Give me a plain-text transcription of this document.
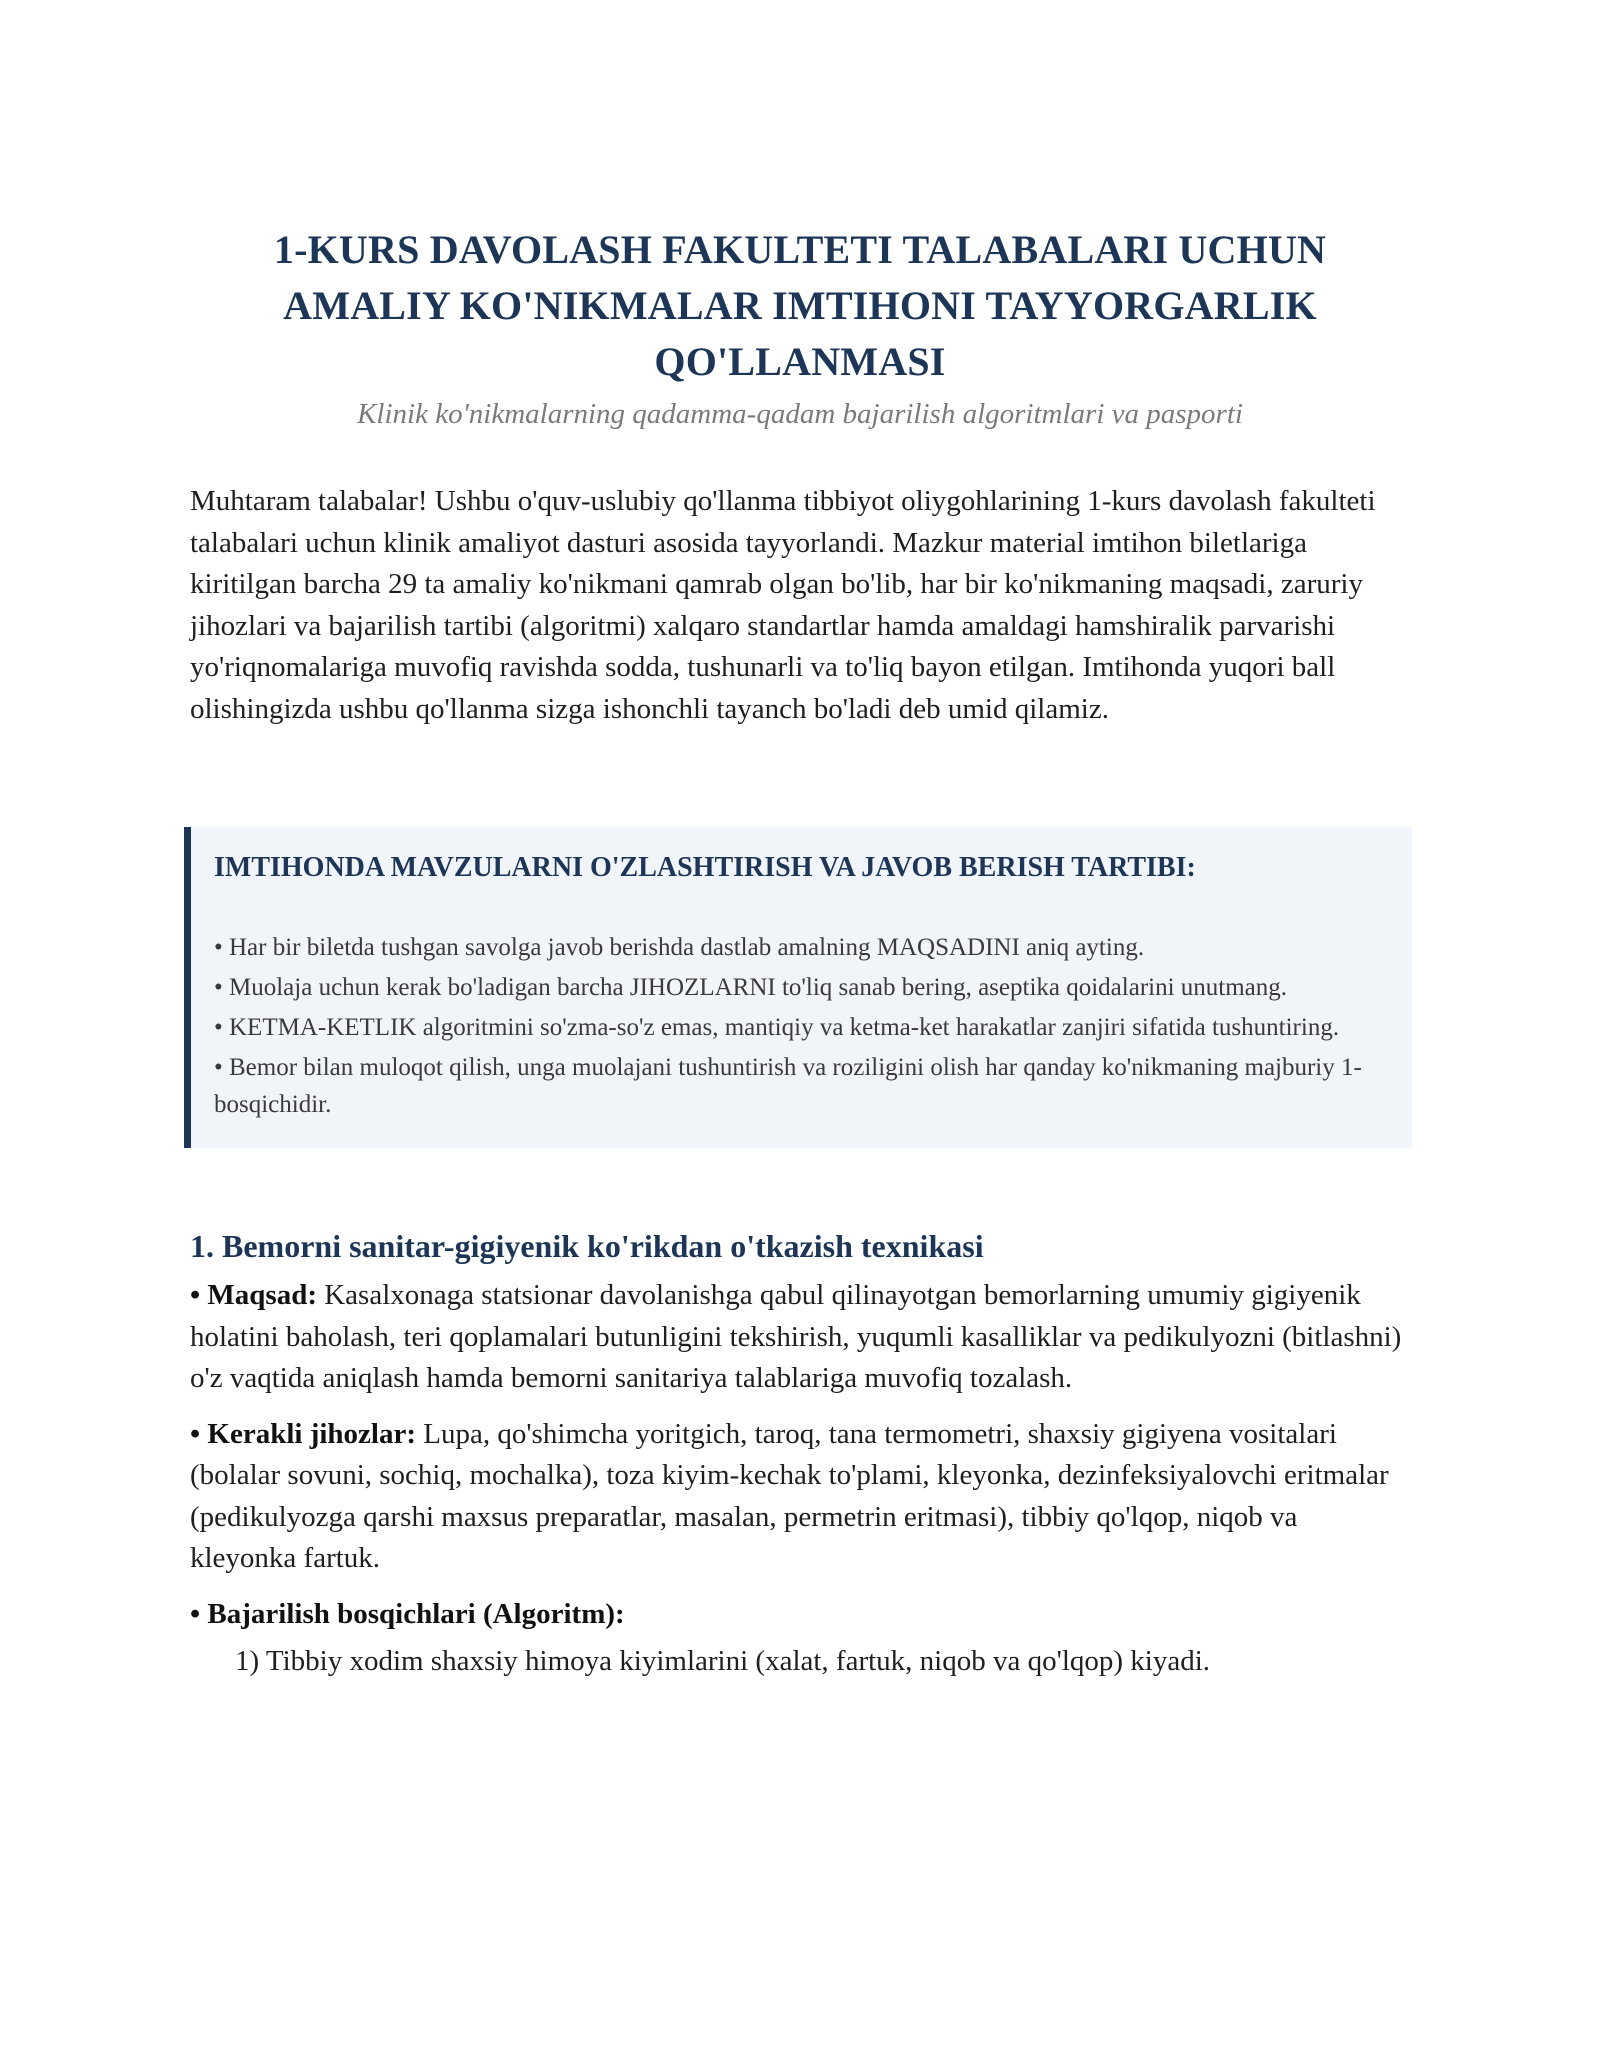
1-KURS DAVOLASH FAKULTETI TALABALARI UCHUN AMALIY KO'NIKMALAR IMTIHONI TAYYORGARLIK QO'LLANMASI

Klinik ko'nikmalarning qadamma-qadam bajarilish algoritmlari va pasporti

Muhtaram talabalar! Ushbu o'quv-uslubiy qo'llanma tibbiyot oliygohlarining 1-kurs davolash fakulteti talabalari uchun klinik amaliyot dasturi asosida tayyorlandi. Mazkur material imtihon biletlariga kiritilgan barcha 29 ta amaliy ko'nikmani qamrab olgan bo'lib, har bir ko'nikmaning maqsadi, zaruriy jihozlari va bajarilish tartibi (algoritmi) xalqaro standartlar hamda amaldagi hamshiralik parvarishi yo'riqnomalariga muvofiq ravishda sodda, tushunarli va to'liq bayon etilgan. Imtihonda yuqori ball olishingizda ushbu qo'llanma sizga ishonchli tayanch bo'ladi deb umid qilamiz.

IMTIHONDA MAVZULARNI O'ZLASHTIRISH VA JAVOB BERISH TARTIBI:
• Har bir biletda tushgan savolga javob berishda dastlab amalning MAQSADINI aniq ayting.
• Muolaja uchun kerak bo'ladigan barcha JIHOZLARNI to'liq sanab bering, aseptika qoidalarini unutmang.
• KETMA-KETLIK algoritmini so'zma-so'z emas, mantiqiy va ketma-ket harakatlar zanjiri sifatida tushuntiring.
• Bemor bilan muloqot qilish, unga muolajani tushuntirish va roziligini olish har qanday ko'nikmaning majburiy 1-bosqichidir.
1. Bemorni sanitar-gigiyenik ko'rikdan o'tkazish texnikasi

• Maqsad: Kasalxonaga statsionar davolanishga qabul qilinayotgan bemorlarning umumiy gigiyenik holatini baholash, teri qoplamalari butunligini tekshirish, yuqumli kasalliklar va pedikulyozni (bitlashni) o'z vaqtida aniqlash hamda bemorni sanitariya talablariga muvofiq tozalash.

• Kerakli jihozlar: Lupa, qo'shimcha yoritgich, taroq, tana termometri, shaxsiy gigiyena vositalari (bolalar sovuni, sochiq, mochalka), toza kiyim-kechak to'plami, kleyonka, dezinfeksiyalovchi eritmalar (pedikulyozga qarshi maxsus preparatlar, masalan, permetrin eritmasi), tibbiy qo'lqop, niqob va kleyonka fartuk.

• Bajarilish bosqichlari (Algoritm):

1) Tibbiy xodim shaxsiy himoya kiyimlarini (xalat, fartuk, niqob va qo'lqop) kiyadi.
